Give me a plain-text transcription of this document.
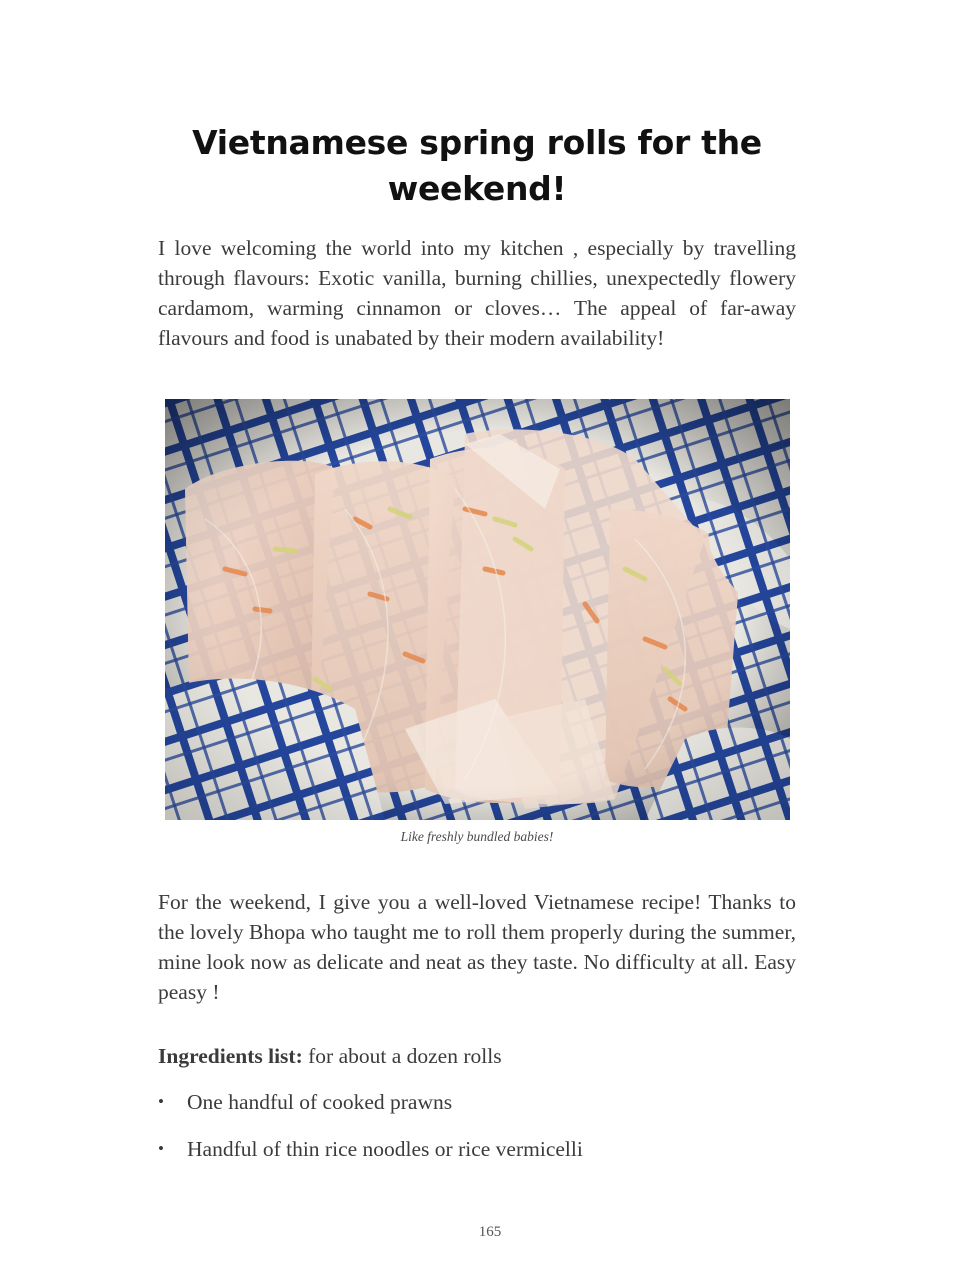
Vietnamese spring rolls for the weekend!

I love welcoming the world into my kitchen , especially by travelling through flavours: Exotic vanilla, burning chillies, unexpectedly flowery cardamom, warming cinnamon or cloves… The appeal of far-away flavours and food is unabated by their modern availability!

Like freshly bundled babies!

For the weekend, I give you a well-loved Vietnamese recipe! Thanks to the lovely Bhopa who taught me to roll them properly during the summer, mine look now as delicate and neat as they taste. No difficulty at all. Easy peasy !

Ingredients list: for about a dozen rolls

• One handful of cooked prawns
• Handful of thin rice noodles or rice vermicelli

165
